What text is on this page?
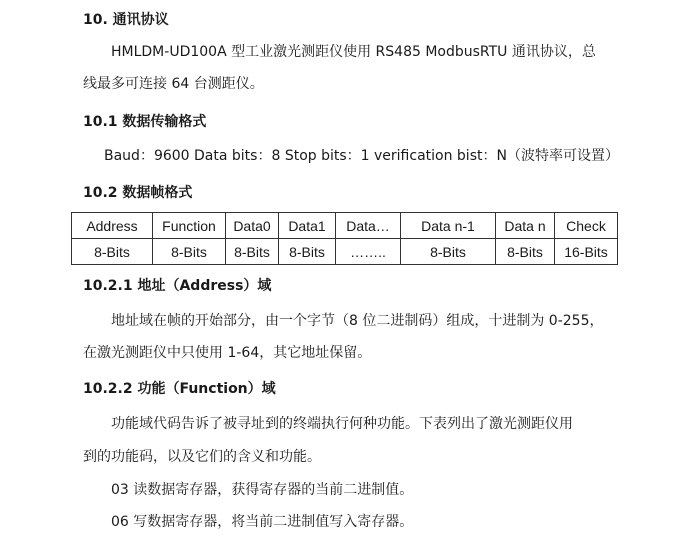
10. 通讯协议
HMLDM-UD100A 型工业激光测距仪使用 RS485 ModbusRTU 通讯协议，总
线最多可连接 64 台测距仪。
10.1 数据传输格式
Baud：9600 Data bits：8 Stop bits：1 verification bist：N（波特率可设置）
10.2 数据帧格式
Address	Function	Data0	Data1	Data…	Data n-1	Data n	Check
8-Bits	8-Bits	8-Bits	8-Bits	……..	8-Bits	8-Bits	16-Bits
10.2.1 地址（Address）域
地址域在帧的开始部分，由一个字节（8 位二进制码）组成，十进制为 0-255，
在激光测距仪中只使用 1-64，其它地址保留。
10.2.2 功能（Function）域
功能域代码告诉了被寻址到的终端执行何种功能。下表列出了激光测距仪用
到的功能码，以及它们的含义和功能。
03 读数据寄存器，获得寄存器的当前二进制值。
06 写数据寄存器，将当前二进制值写入寄存器。
